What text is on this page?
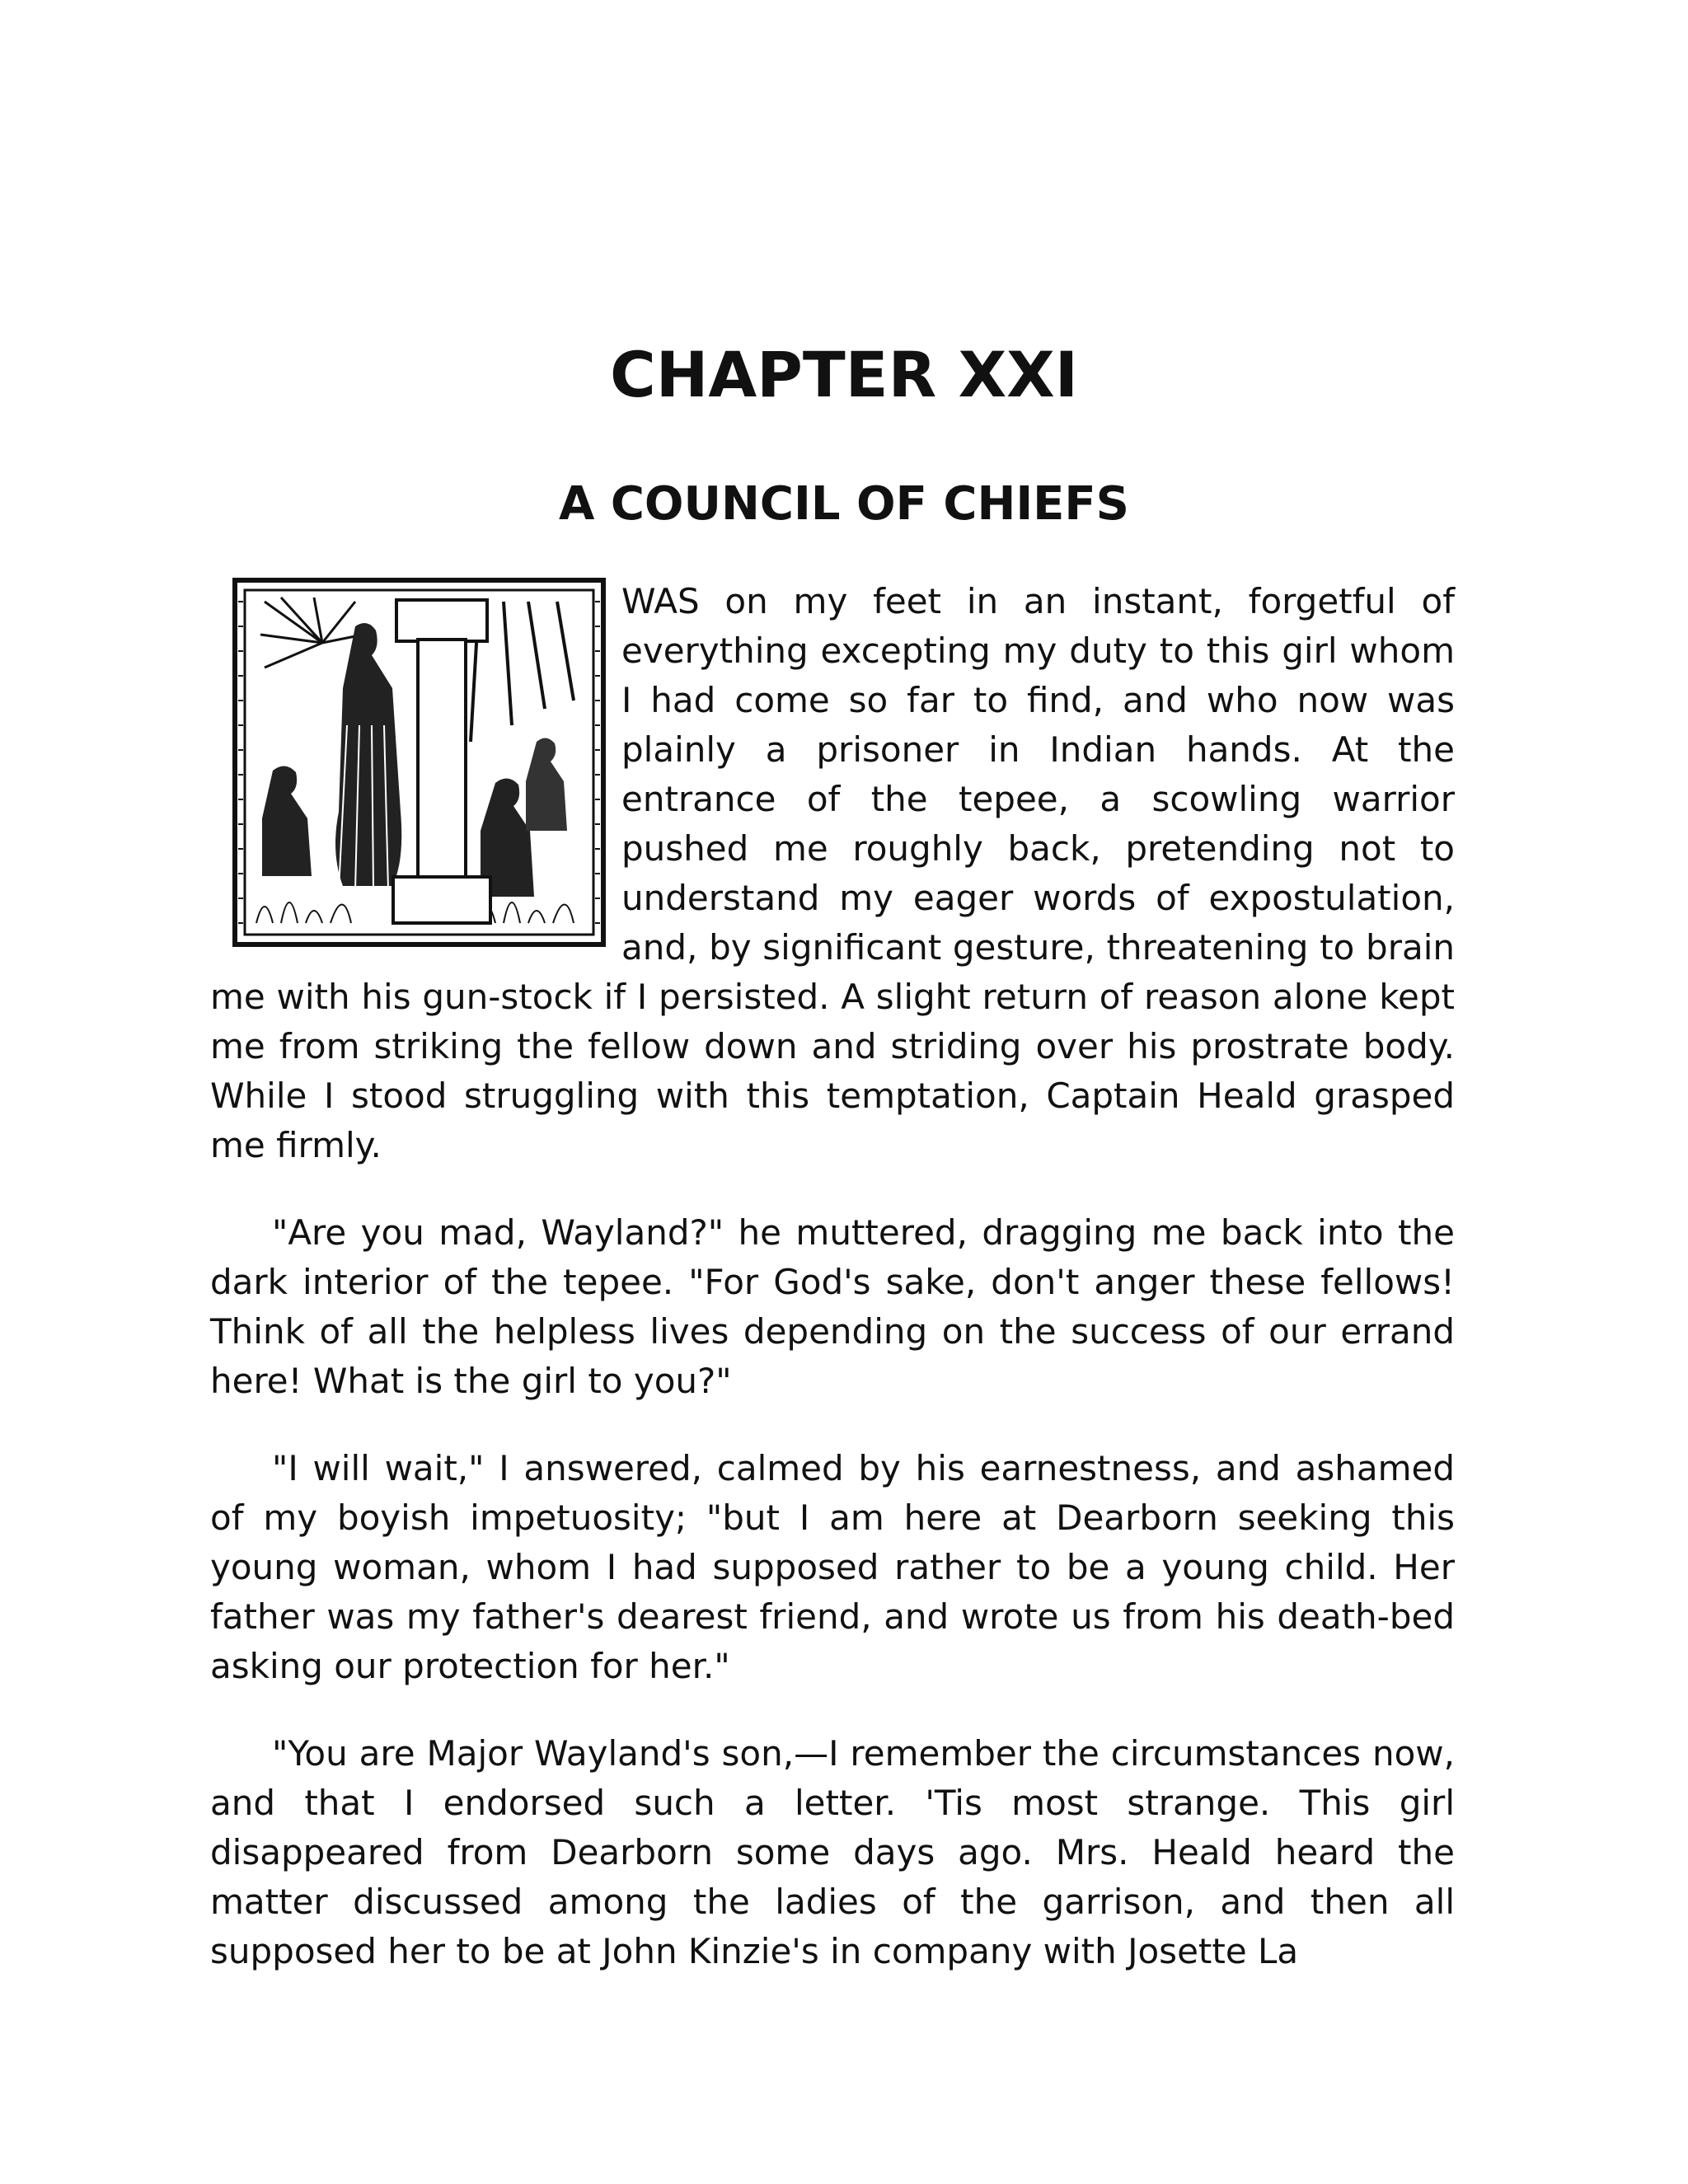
CHAPTER XXI
A COUNCIL OF CHIEFS

WAS on my feet in an instant, forgetful of everything excepting my duty to this girl whom I had come so far to find, and who now was plainly a prisoner in Indian hands. At the entrance of the tepee, a scowling warrior pushed me roughly back, pretending not to understand my eager words of expostulation, and, by significant gesture, threatening to brain me with his gun-stock if I persisted. A slight return of reason alone kept me from striking the fellow down and striding over his prostrate body. While I stood struggling with this temptation, Captain Heald grasped me firmly.

"Are you mad, Wayland?" he muttered, dragging me back into the dark interior of the tepee. "For God's sake, don't anger these fellows! Think of all the helpless lives depending on the success of our errand here! What is the girl to you?"

"I will wait," I answered, calmed by his earnestness, and ashamed of my boyish impetuosity; "but I am here at Dearborn seeking this young woman, whom I had supposed rather to be a young child. Her father was my father's dearest friend, and wrote us from his death-bed asking our protection for her."

"You are Major Wayland's son,—I remember the circumstances now, and that I endorsed such a letter. 'Tis most strange. This girl disappeared from Dearborn some days ago. Mrs. Heald heard the matter discussed among the ladies of the garrison, and then all supposed her to be at John Kinzie's in company with Josette La
